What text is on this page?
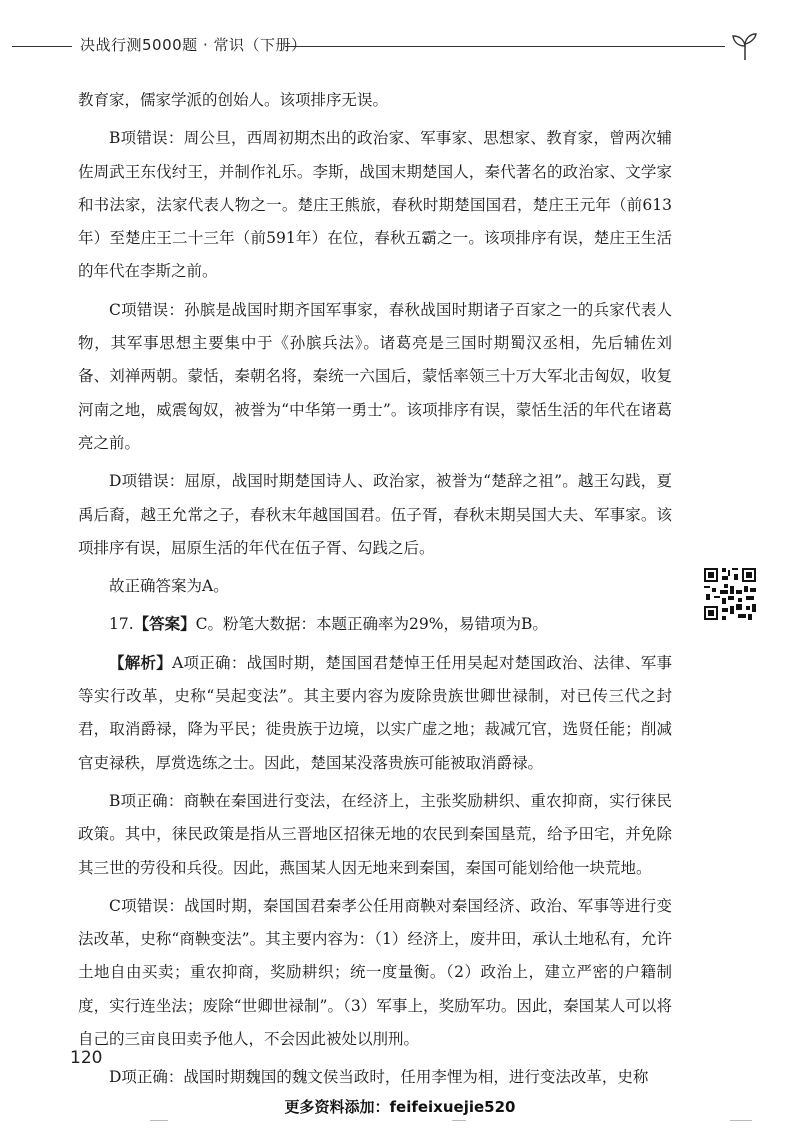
决战行测5000题 · 常识（下册）

教育家，儒家学派的创始人。该项排序无误。

B项错误：周公旦，西周初期杰出的政治家、军事家、思想家、教育家，曾两次辅佐周武王东伐纣王，并制作礼乐。李斯，战国末期楚国人，秦代著名的政治家、文学家和书法家，法家代表人物之一。楚庄王熊旅，春秋时期楚国国君，楚庄王元年（前613年）至楚庄王二十三年（前591年）在位，春秋五霸之一。该项排序有误，楚庄王生活的年代在李斯之前。

C项错误：孙膑是战国时期齐国军事家，春秋战国时期诸子百家之一的兵家代表人物，其军事思想主要集中于《孙膑兵法》。诸葛亮是三国时期蜀汉丞相，先后辅佐刘备、刘禅两朝。蒙恬，秦朝名将，秦统一六国后，蒙恬率领三十万大军北击匈奴，收复河南之地，威震匈奴，被誉为“中华第一勇士”。该项排序有误，蒙恬生活的年代在诸葛亮之前。

D项错误：屈原，战国时期楚国诗人、政治家，被誉为“楚辞之祖”。越王勾践，夏禹后裔，越王允常之子，春秋末年越国国君。伍子胥，春秋末期吴国大夫、军事家。该项排序有误，屈原生活的年代在伍子胥、勾践之后。

故正确答案为A。

17.【答案】C。粉笔大数据：本题正确率为29%，易错项为B。

【解析】A项正确：战国时期，楚国国君楚悼王任用吴起对楚国政治、法律、军事等实行改革，史称“吴起变法”。其主要内容为废除贵族世卿世禄制，对已传三代之封君，取消爵禄，降为平民；徙贵族于边境，以实广虚之地；裁减冗官，选贤任能；削减官吏禄秩，厚赏选练之士。因此，楚国某没落贵族可能被取消爵禄。

B项正确：商鞅在秦国进行变法，在经济上，主张奖励耕织、重农抑商，实行徕民政策。其中，徕民政策是指从三晋地区招徕无地的农民到秦国垦荒，给予田宅，并免除其三世的劳役和兵役。因此，燕国某人因无地来到秦国，秦国可能划给他一块荒地。

C项错误：战国时期，秦国国君秦孝公任用商鞅对秦国经济、政治、军事等进行变法改革，史称“商鞅变法”。其主要内容为：（1）经济上，废井田，承认土地私有，允许土地自由买卖；重农抑商，奖励耕织；统一度量衡。（2）政治上，建立严密的户籍制度，实行连坐法；废除“世卿世禄制”。（3）军事上，奖励军功。因此，秦国某人可以将自己的三亩良田卖予他人，不会因此被处以刖刑。

D项正确：战国时期魏国的魏文侯当政时，任用李悝为相，进行变法改革，史称

120
更多资料添加：feifeixuejie520
